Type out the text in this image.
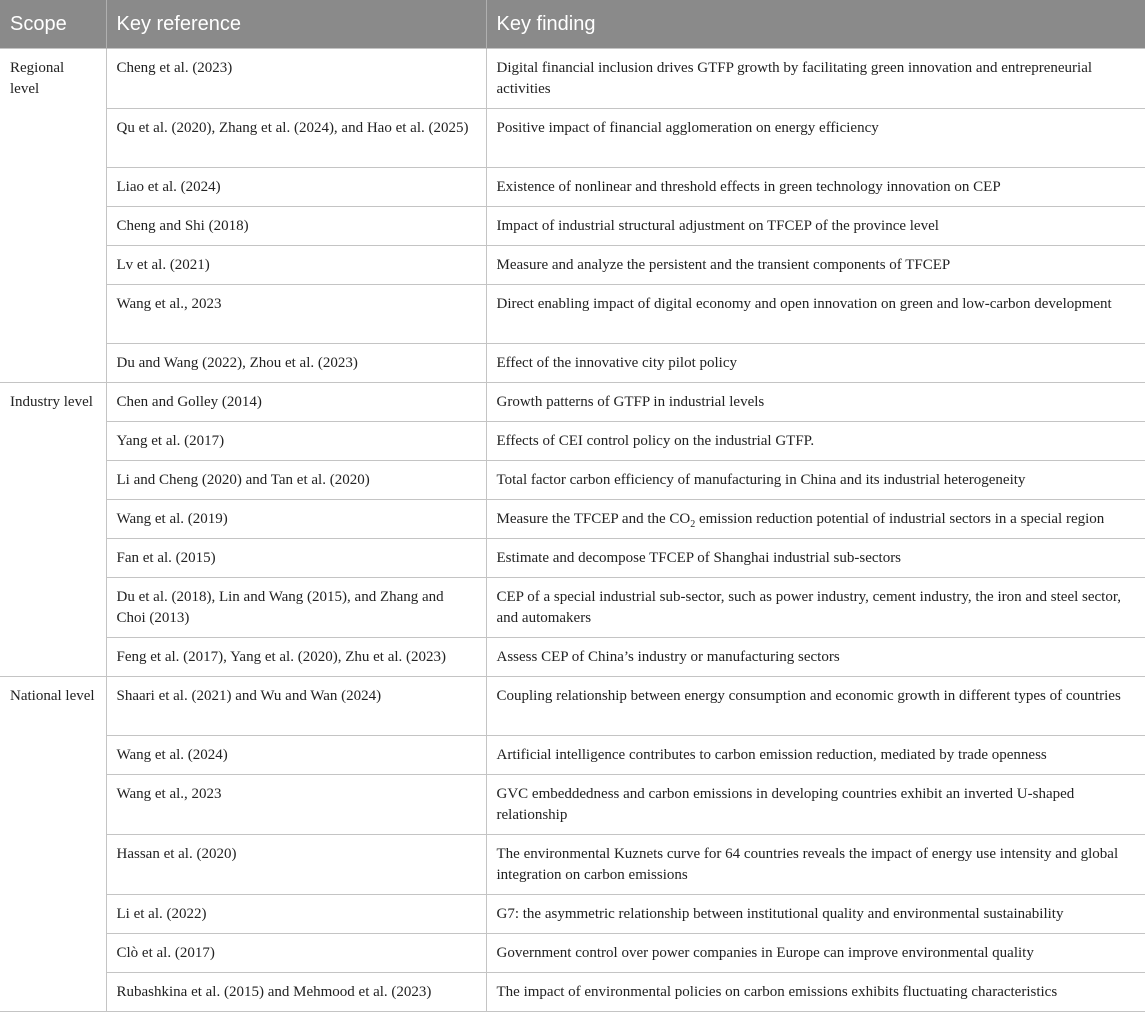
Scope	Key reference	Key finding
Regional level	Cheng et al. (2023)	Digital financial inclusion drives GTFP growth by facilitating green innovation and entrepreneurial activities
	Qu et al. (2020), Zhang et al. (2024), and Hao et al. (2025)	Positive impact of financial agglomeration on energy efficiency
	Liao et al. (2024)	Existence of nonlinear and threshold effects in green technology innovation on CEP
	Cheng and Shi (2018)	Impact of industrial structural adjustment on TFCEP of the province level
	Lv et al. (2021)	Measure and analyze the persistent and the transient components of TFCEP
	Wang et al., 2023	Direct enabling impact of digital economy and open innovation on green and low-carbon development
	Du and Wang (2022), Zhou et al. (2023)	Effect of the innovative city pilot policy
Industry level	Chen and Golley (2014)	Growth patterns of GTFP in industrial levels
	Yang et al. (2017)	Effects of CEI control policy on the industrial GTFP.
	Li and Cheng (2020) and Tan et al. (2020)	Total factor carbon efficiency of manufacturing in China and its industrial heterogeneity
	Wang et al. (2019)	Measure the TFCEP and the $CO_2$ emission reduction potential of industrial sectors in a special region
	Fan et al. (2015)	Estimate and decompose TFCEP of Shanghai industrial sub-sectors
	Du et al. (2018), Lin and Wang (2015), and Zhang and Choi (2013)	CEP of a special industrial sub-sector, such as power industry, cement industry, the iron and steel sector, and automakers
	Feng et al. (2017), Yang et al. (2020), Zhu et al. (2023)	Assess CEP of China’s industry or manufacturing sectors
National level	Shaari et al. (2021) and Wu and Wan (2024)	Coupling relationship between energy consumption and economic growth in different types of countries
	Wang et al. (2024)	Artificial intelligence contributes to carbon emission reduction, mediated by trade openness
	Wang et al., 2023	GVC embeddedness and carbon emissions in developing countries exhibit an inverted U-shaped relationship
	Hassan et al. (2020)	The environmental Kuznets curve for 64 countries reveals the impact of energy use intensity and global integration on carbon emissions
	Li et al. (2022)	G7: the asymmetric relationship between institutional quality and environmental sustainability
	Clò et al. (2017)	Government control over power companies in Europe can improve environmental quality
	Rubashkina et al. (2015) and Mehmood et al. (2023)	The impact of environmental policies on carbon emissions exhibits fluctuating characteristics
